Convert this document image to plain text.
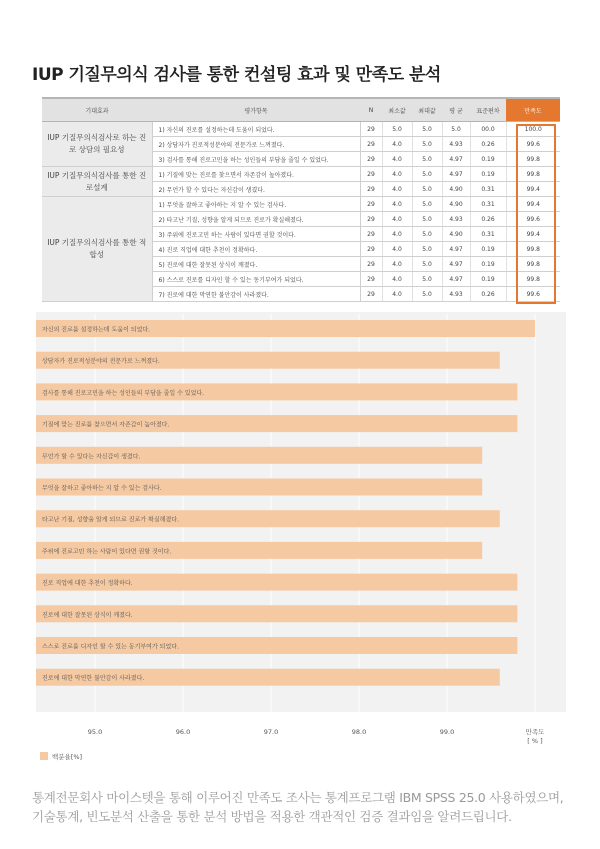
IUP 기질무의식 검사를 통한 컨설팅 효과 및 만족도 분석
기대효과	평가항목	N	최소값	최대값	평 균	표준편차	만족도
IUP 기질무의식검사로 하는 진로 상담의 필요성	1) 자신의 진로를 설정하는데 도움이 되었다.	29	5.0	5.0	5.0	00.0	100.0
	2) 상담자가 진로적성분야의 전문가로 느껴졌다.	29	4.0	5.0	4.93	0.26	99.6
	3) 검사를 통해 진로고민을 하는 성인들의 부담을 줄일 수 있었다.	29	4.0	5.0	4.97	0.19	99.8
IUP 기질무의식검사를 통한 진로설계	1) 기질에 맞는 진로를 찾으면서 자존감이 높아졌다.	29	4.0	5.0	4.97	0.19	99.8
	2) 무언가 할 수 있다는 자신감이 생겼다.	29	4.0	5.0	4.90	0.31	99.4
IUP 기질무의식검사를 통한 적합성	1) 무엇을 잘하고 좋아하는 지 알 수 있는 검사다.	29	4.0	5.0	4.90	0.31	99.4
	2) 타고난 기질, 성향을 알게 되므로 진로가 확실해졌다.	29	4.0	5.0	4.93	0.26	99.6
	3) 주위에 진로고민 하는 사람이 있다면 권할 것이다.	29	4.0	5.0	4.90	0.31	99.4
	4) 진로 직업에 대한 추천이 정확하다.	29	4.0	5.0	4.97	0.19	99.8
	5) 진로에 대한 잘못된 상식이 깨졌다.	29	4.0	5.0	4.97	0.19	99.8
	6) 스스로 진로를 디자인 할 수 있는 동기부여가 되었다.	29	4.0	5.0	4.97	0.19	99.8
	7) 진로에 대한 막연한 불안감이 사라졌다.	29	4.0	5.0	4.93	0.26	99.6
자신의 진로를 설정하는데 도움이 되었다.
상담자가 진로적성분야의 전문가로 느껴졌다.
검사를 통해 진로고민을 하는 성인들의 부담을 줄일 수 있었다.
기질에 맞는 진로를 찾으면서 자존감이 높아졌다.
무언가 할 수 있다는 자신감이 생겼다.
무엇을 잘하고 좋아하는 지 알 수 있는 검사다.
타고난 기질, 성향을 알게 되므로 진로가 확실해졌다.
주위에 진로고민 하는 사람이 있다면 권할 것이다.
진로 직업에 대한 추천이 정확하다.
진로에 대한 잘못된 상식이 깨졌다.
스스로 진로를 디자인 할 수 있는 동기부여가 되었다.
진로에 대한 막연한 불안감이 사라졌다.
95.0	96.0	97.0	98.0	99.0	만족도
[ % ]
백분율[%]
통계전문회사 마이스텟을 통해 이루어진 만족도 조사는 통계프로그램 IBM SPSS 25.0 사용하였으며,
기술통계, 빈도분석 산출을 통한 분석 방법을 적용한 객관적인 검증 결과임을 알려드립니다.
